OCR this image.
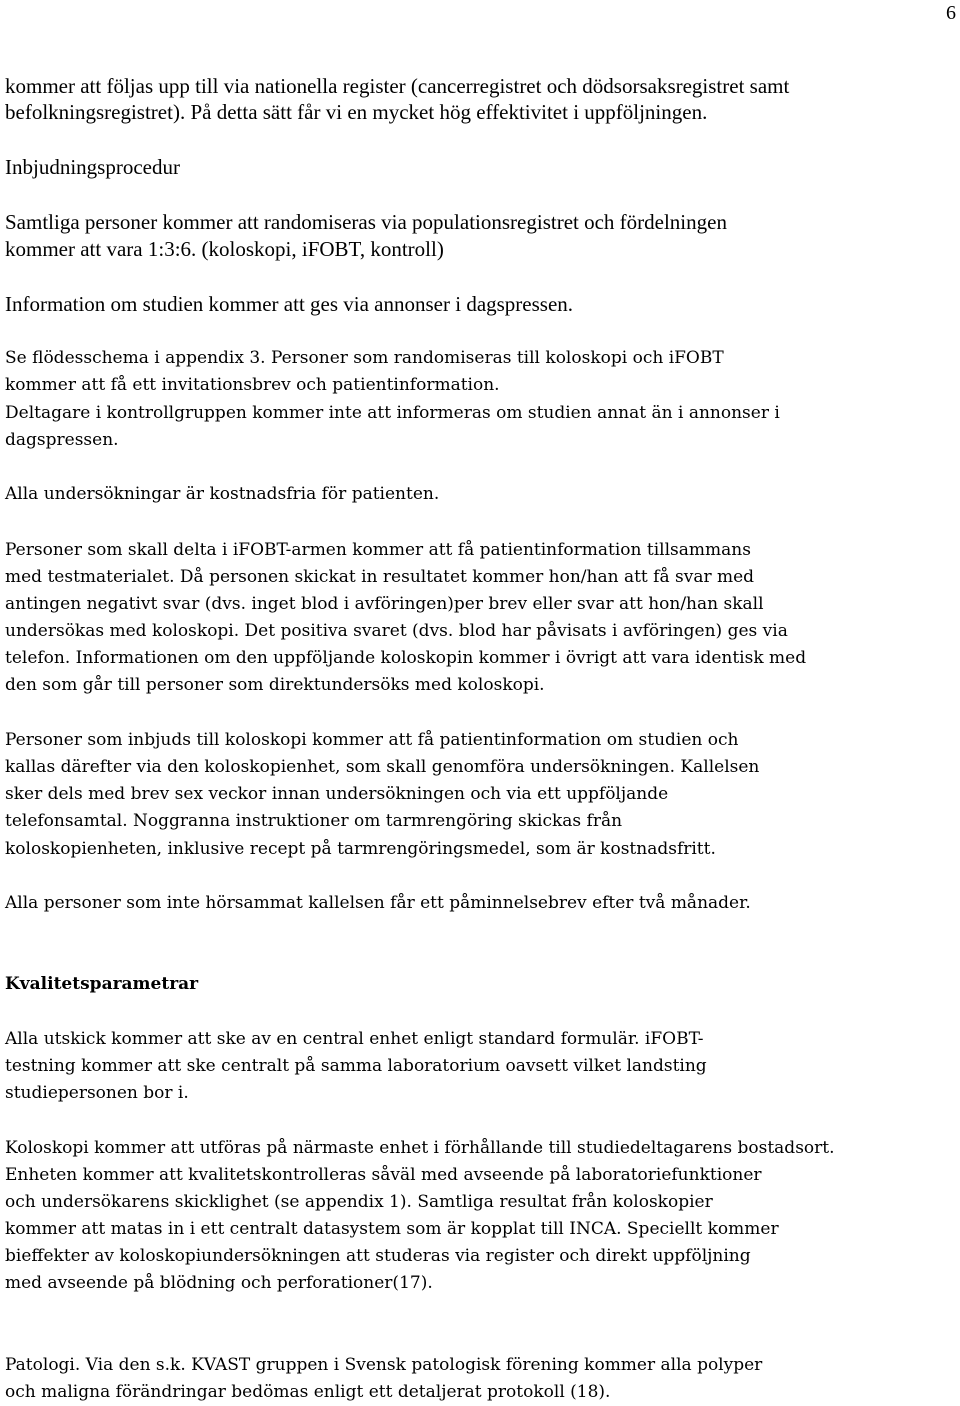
6
kommer att följas upp till via nationella register (cancerregistret och dödsorsaksregistret samt
befolkningsregistret). På detta sätt får vi en mycket hög effektivitet i uppföljningen.
Inbjudningsprocedur
Samtliga personer kommer att randomiseras via populationsregistret och fördelningen
kommer att vara 1:3:6. (koloskopi, iFOBT, kontroll)
Information om studien kommer att ges via annonser i dagspressen.
Se flödesschema i appendix 3. Personer som randomiseras till koloskopi och iFOBT
kommer att få ett invitationsbrev och patientinformation.
Deltagare i kontrollgruppen kommer inte att informeras om studien annat än i annonser i
dagspressen.
Alla undersökningar är kostnadsfria för patienten.
Personer som skall delta i iFOBT-armen kommer att få patientinformation tillsammans
med testmaterialet. Då personen skickat in resultatet kommer hon/han att få svar med
antingen negativt svar (dvs. inget blod i avföringen)per brev eller svar att hon/han skall
undersökas med koloskopi. Det positiva svaret (dvs. blod har påvisats i avföringen) ges via
telefon. Informationen om den uppföljande koloskopin kommer i övrigt att vara identisk med
den som går till personer som direktundersöks med koloskopi.
Personer som inbjuds till koloskopi kommer att få patientinformation om studien och
kallas därefter via den koloskopienhet, som skall genomföra undersökningen. Kallelsen
sker dels med brev sex veckor innan undersökningen och via ett uppföljande
telefonsamtal. Noggranna instruktioner om tarmrengöring skickas från
koloskopienheten, inklusive recept på tarmrengöringsmedel, som är kostnadsfritt.
Alla personer som inte hörsammat kallelsen får ett påminnelsebrev efter två månader.
Kvalitetsparametrar
Alla utskick kommer att ske av en central enhet enligt standard formulär. iFOBT-
testning kommer att ske centralt på samma laboratorium oavsett vilket landsting
studiepersonen bor i.
Koloskopi kommer att utföras på närmaste enhet i förhållande till studiedeltagarens bostadsort.
Enheten kommer att kvalitetskontrolleras såväl med avseende på laboratoriefunktioner
och undersökarens skicklighet (se appendix 1). Samtliga resultat från koloskopier
kommer att matas in i ett centralt datasystem som är kopplat till INCA. Speciellt kommer
bieffekter av koloskopiundersökningen att studeras via register och direkt uppföljning
med avseende på blödning och perforationer(17).
Patologi. Via den s.k. KVAST gruppen i Svensk patologisk förening kommer alla polyper
och maligna förändringar bedömas enligt ett detaljerat protokoll (18).
